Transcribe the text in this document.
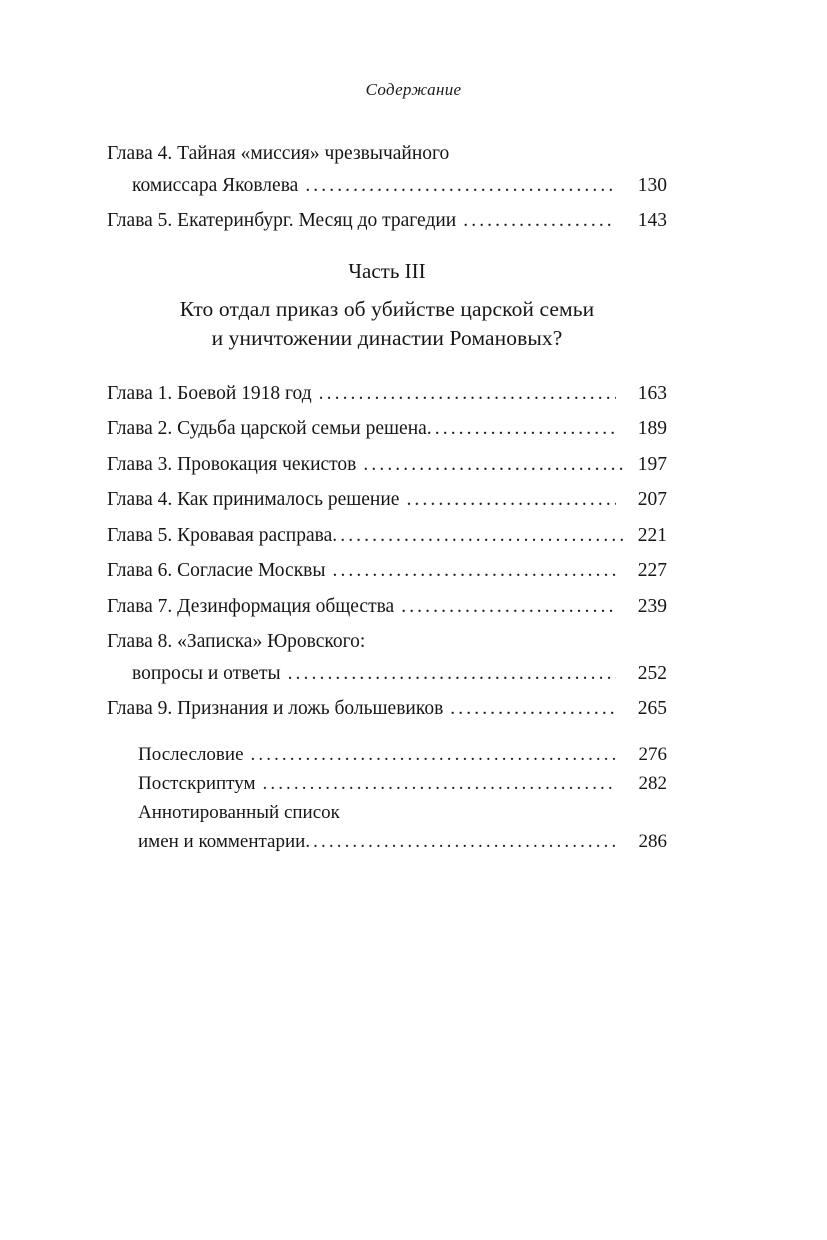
Содержание
Глава 4. Тайная «миссия» чрезвычайного
комиссара Яковлева .....	130
Глава 5. Екатеринбург. Месяц до трагедии .....	143
Часть III
Кто отдал приказ об убийстве царской семьи
и уничтожении династии Романовых?
Глава 1. Боевой 1918 год .....	163
Глава 2. Судьба царской семьи решена .....	189
Глава 3. Провокация чекистов .....	197
Глава 4. Как принималось решение .....	207
Глава 5. Кровавая расправа .....	221
Глава 6. Согласие Москвы .....	227
Глава 7. Дезинформация общества .....	239
Глава 8. «Записка» Юровского:
вопросы и ответы .....	252
Глава 9. Признания и ложь большевиков .....	265
Послесловие .....	276
Постскриптум .....	282
Аннотированный список
имен и комментарии .....	286
